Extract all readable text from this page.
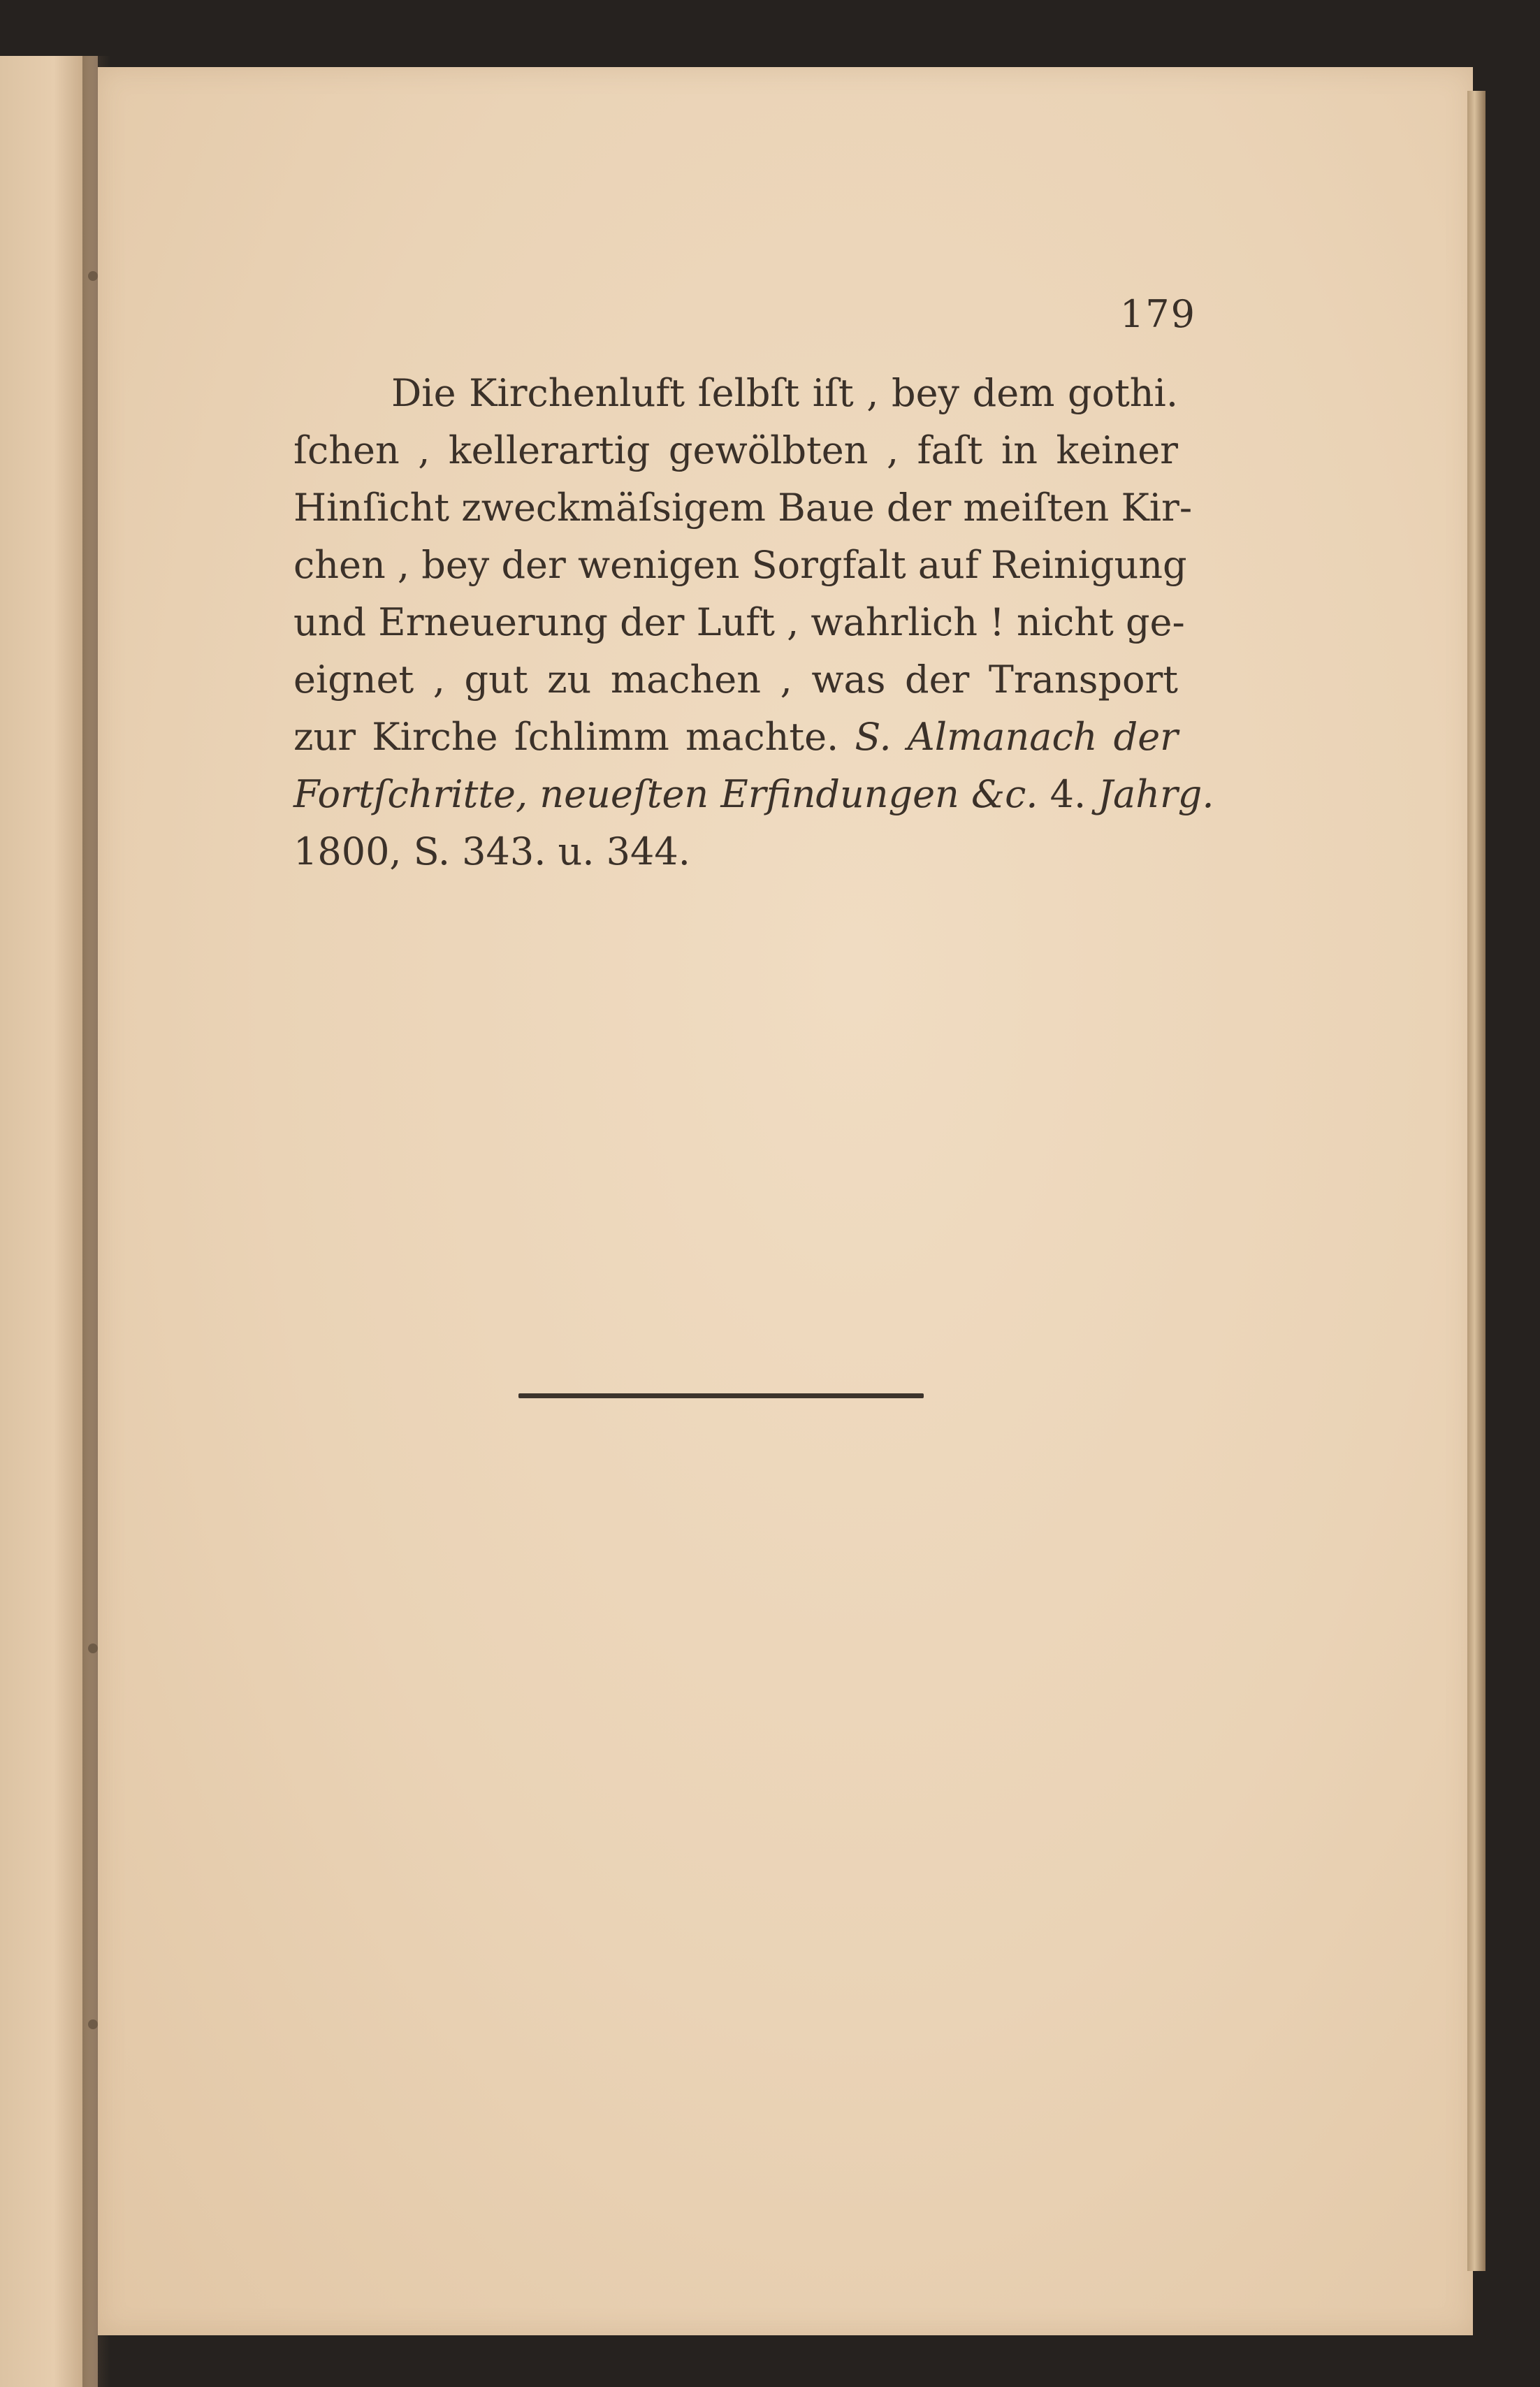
179
Die Kirchenluft ſelbſt iſt , bey dem gothi.
ſchen , kellerartig gewölbten , faſt in keiner
Hinſicht zweckmäſsigem Baue der meiſten Kir-
chen , bey der wenigen Sorgfalt auf Reinigung
und Erneuerung der Luft , wahrlich ! nicht ge-
eignet , gut zu machen , was der Transport
zur Kirche ſchlimm machte. S. Almanach der
Fortſchritte, neueſten Erfindungen &c. 4. Jahrg.
1800, S. 343. u. 344.
